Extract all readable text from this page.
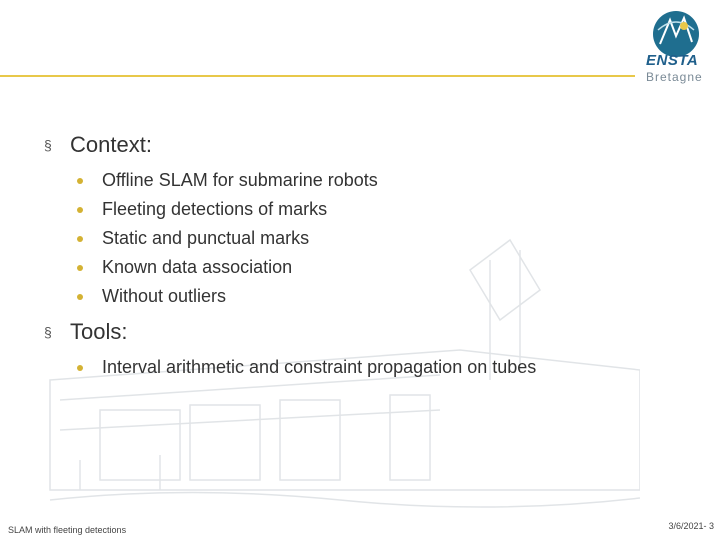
ENSTA
Bretagne
§ Context:
Offline SLAM for submarine robots
Fleeting detections of marks
Static and punctual marks
Known data association
Without outliers
§ Tools:
Interval arithmetic and constraint propagation on tubes
SLAM with fleeting detections	3/6/2021- 3
